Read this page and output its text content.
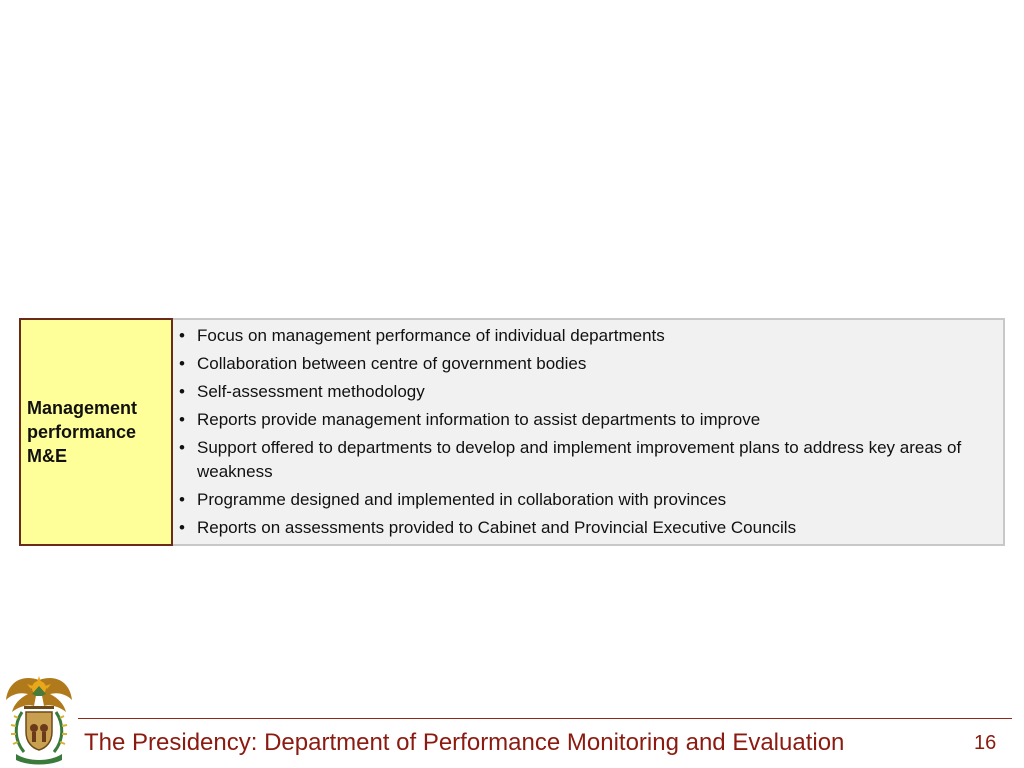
Management
performance
M&E
• Focus on management performance of individual departments
• Collaboration between centre of government bodies
• Self-assessment methodology
• Reports provide management information to assist departments to improve
• Support offered to departments to develop and implement improvement plans to address key areas of weakness
• Programme designed and implemented in collaboration with provinces
• Reports on assessments provided to Cabinet and Provincial Executive Councils
The Presidency: Department of Performance Monitoring and Evaluation	16
